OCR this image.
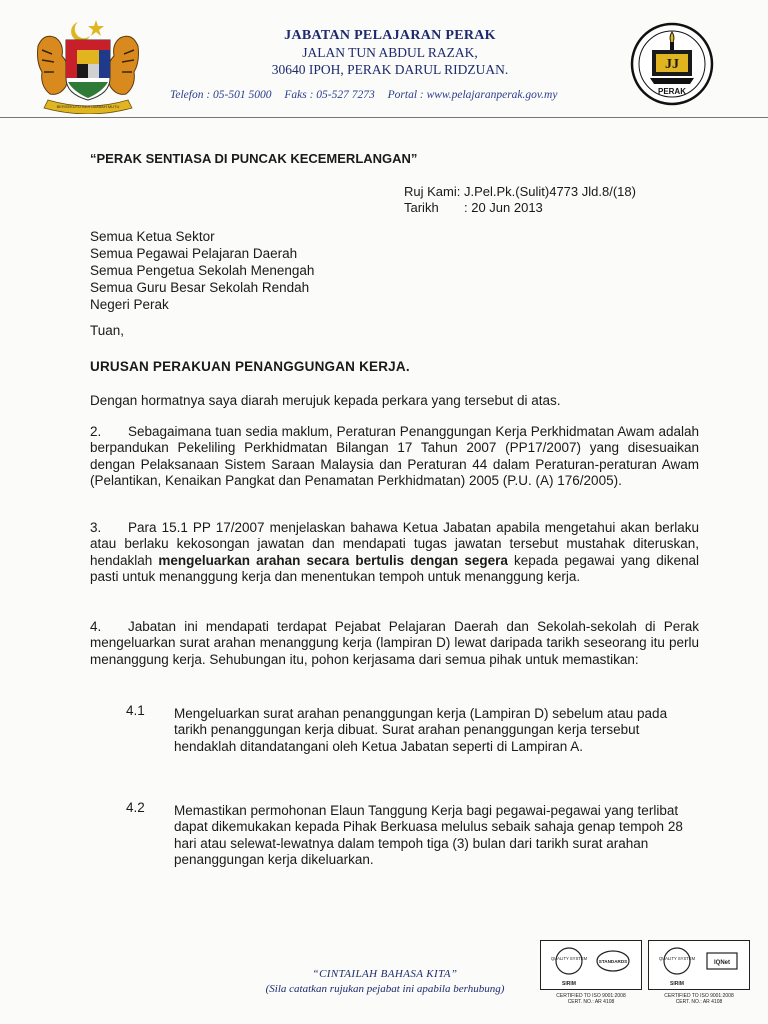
BERSEKUTU BERTAMBAH MUTU
JABATAN PELAJARAN PERAK
JALAN TUN ABDUL RAZAK,
30640 IPOH, PERAK DARUL RIDZUAN.
Telefon : 05-501 5000 Faks : 05-527 7273 Portal : www.pelajaranperak.gov.my
JJ
PERAK
“PERAK SENTIASA DI PUNCAK KECEMERLANGAN”
Ruj Kami: J.Pel.Pk.(Sulit)4773 Jld.8/(18)
Tarikh : 20 Jun 2013
Semua Ketua Sektor
Semua Pegawai Pelajaran Daerah
Semua Pengetua Sekolah Menengah
Semua Guru Besar Sekolah Rendah
Negeri Perak
Tuan,
URUSAN PERAKUAN PENANGGUNGAN KERJA.
Dengan hormatnya saya diarah merujuk kepada perkara yang tersebut di atas.
2. Sebagaimana tuan sedia maklum, Peraturan Penanggungan Kerja Perkhidmatan Awam adalah berpandukan Pekeliling Perkhidmatan Bilangan 17 Tahun 2007 (PP17/2007) yang disesuaikan dengan Pelaksanaan Sistem Saraan Malaysia dan Peraturan 44 dalam Peraturan-peraturan Awam (Pelantikan, Kenaikan Pangkat dan Penamatan Perkhidmatan) 2005 (P.U. (A) 176/2005).
3. Para 15.1 PP 17/2007 menjelaskan bahawa Ketua Jabatan apabila mengetahui akan berlaku atau berlaku kekosongan jawatan dan mendapati tugas jawatan tersebut mustahak diteruskan, hendaklah mengeluarkan arahan secara bertulis dengan segera kepada pegawai yang dikenal pasti untuk menanggung kerja dan menentukan tempoh untuk menanggung kerja.
4. Jabatan ini mendapati terdapat Pejabat Pelajaran Daerah dan Sekolah-sekolah di Perak mengeluarkan surat arahan menanggung kerja (lampiran D) lewat daripada tarikh seseorang itu perlu menanggung kerja. Sehubungan itu, pohon kerjasama dari semua pihak untuk memastikan:
4.1 Mengeluarkan surat arahan penanggungan kerja (Lampiran D) sebelum atau pada tarikh penanggungan kerja dibuat. Surat arahan penanggungan kerja tersebut hendaklah ditandatangani oleh Ketua Jabatan seperti di Lampiran A.
4.2 Memastikan permohonan Elaun Tanggung Kerja bagi pegawai-pegawai yang terlibat dapat dikemukakan kepada Pihak Berkuasa melulus sebaik sahaja genap tempoh 28 hari atau selewat-lewatnya dalam tempoh tiga (3) bulan dari tarikh surat arahan penanggungan kerja dikeluarkan.
“CINTAILAH BAHASA KITA”
(Sila catatkan rujukan pejabat ini apabila berhubung)
QUALITY SYSTEM
STANDARDS
SIRIM
CERTIFIED TO ISO 9001:2008
CERT. NO.: AR 4108
QUALITY SYSTEM
IQNet
SIRIM
CERTIFIED TO ISO 9001:2008
CERT. NO.: AR 4108
